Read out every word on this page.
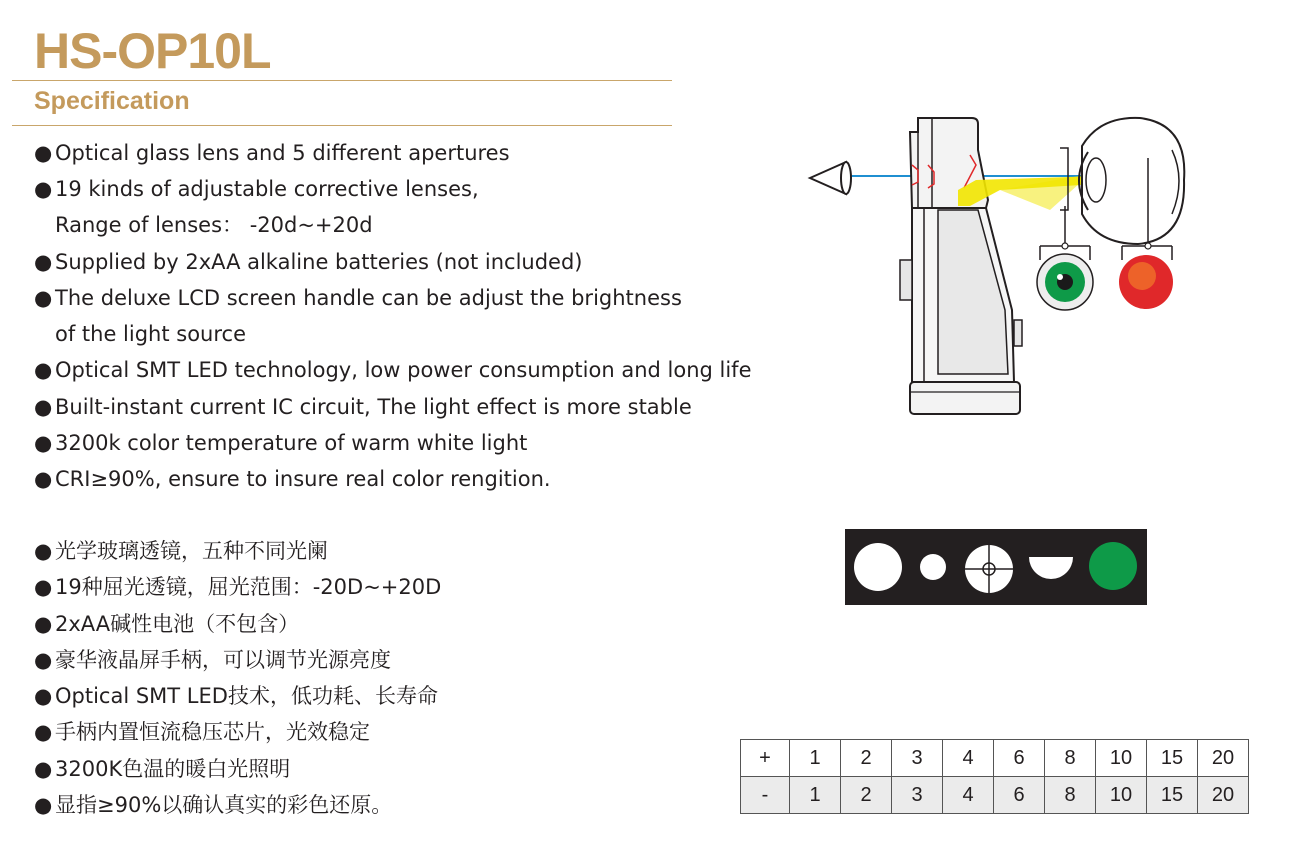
HS-OP10L
Specification
● Optical glass lens and 5 different apertures
● 19 kinds of adjustable corrective lenses,
Range of lenses： -20d~+20d
● Supplied by 2xAA alkaline batteries (not included)
● The deluxe LCD screen handle can be adjust the brightness
of the light source
● Optical SMT LED technology, low power consumption and long life
● Built-instant current IC circuit, The light effect is more stable
● 3200k color temperature of warm white light
● CRI≥90%, ensure to insure real color rengition.
● 光学玻璃透镜，五种不同光阑
● 19种屈光透镜，屈光范围：-20D~+20D
● 2xAA碱性电池（不包含）
● 豪华液晶屏手柄，可以调节光源亮度
● Optical SMT LED技术，低功耗、长寿命
● 手柄内置恒流稳压芯片，光效稳定
● 3200K色温的暖白光照明
● 显指≥90%以确认真实的彩色还原。
+	1	2	3	4	6	8	10	15	20
-	1	2	3	4	6	8	10	15	20
